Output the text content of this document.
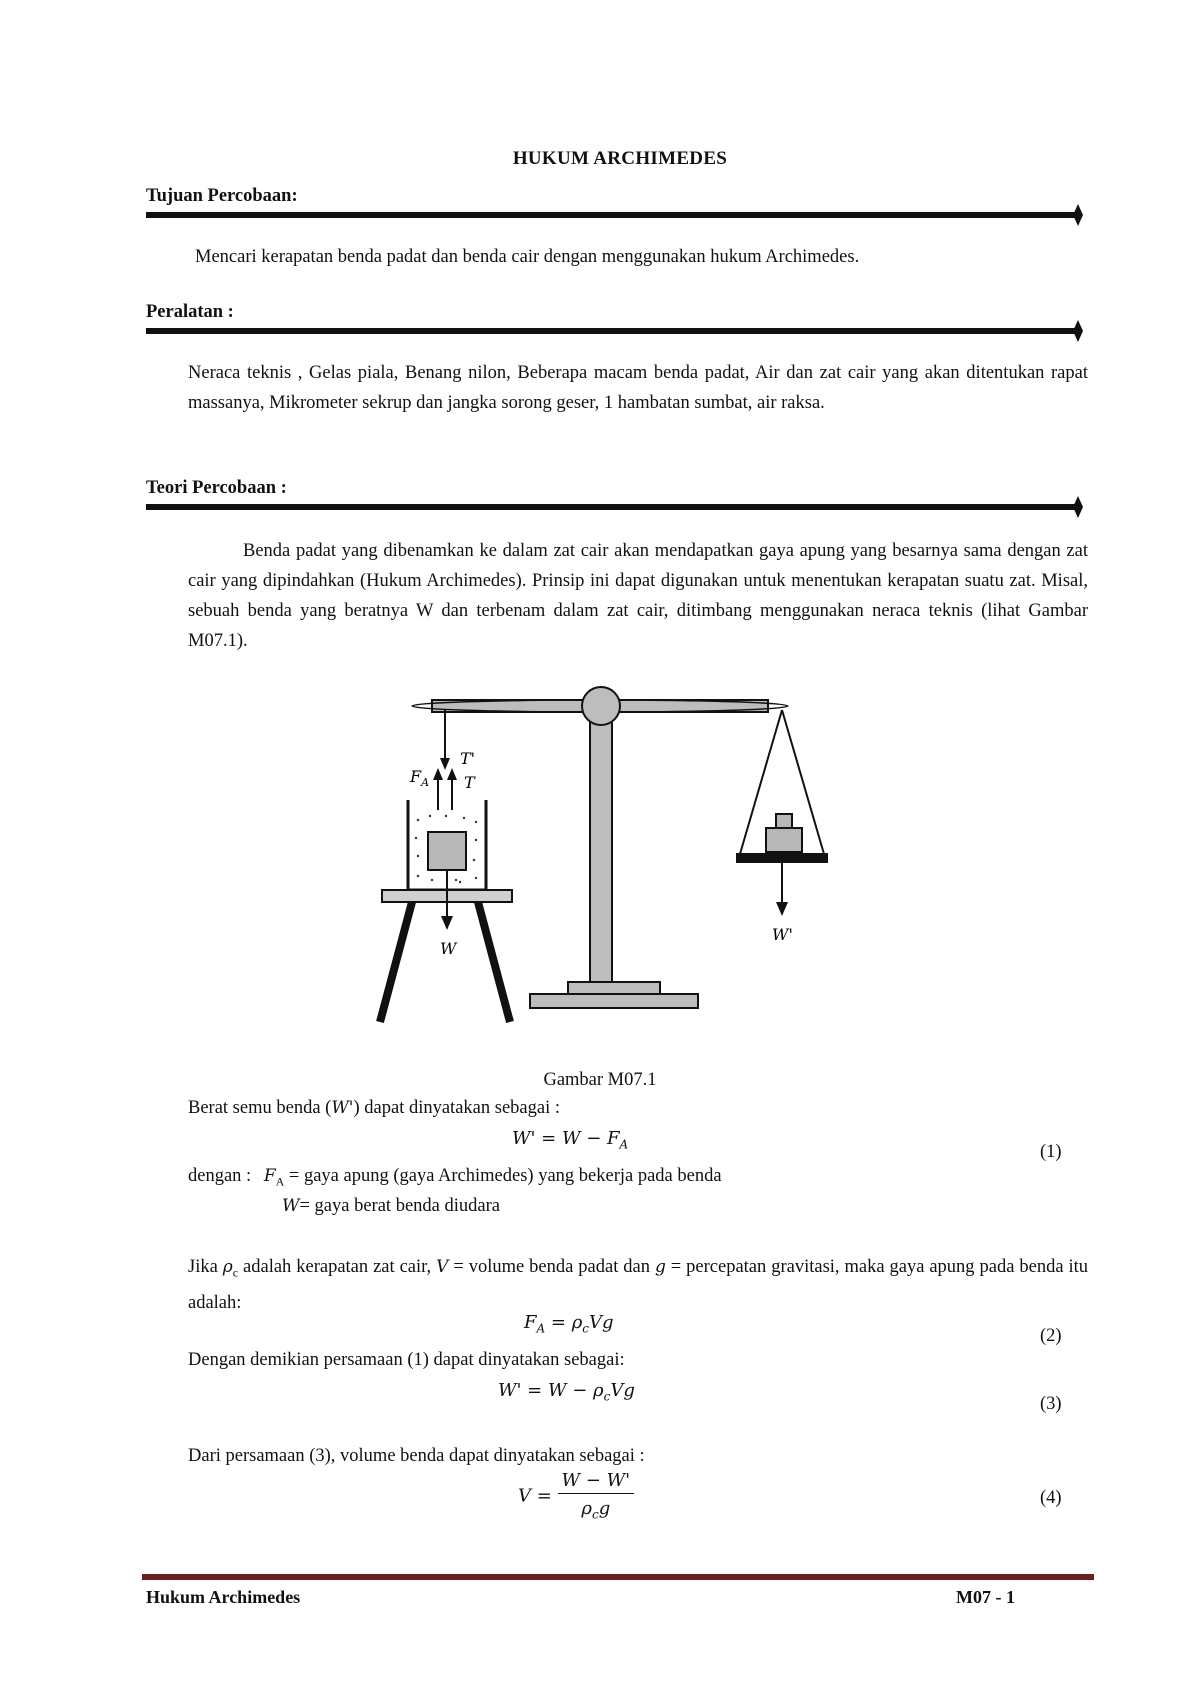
HUKUM ARCHIMEDES
Tujuan Percobaan:
Mencari kerapatan benda padat dan benda cair dengan menggunakan hukum Archimedes.
Peralatan :
Neraca teknis , Gelas piala, Benang nilon, Beberapa macam benda padat, Air dan zat cair yang akan ditentukan rapat massanya, Mikrometer sekrup dan jangka sorong geser, 1 hambatan sumbat, air raksa.
Teori Percobaan :
Benda padat yang dibenamkan ke dalam zat cair akan mendapatkan gaya apung yang besarnya sama dengan zat cair yang dipindahkan (Hukum Archimedes). Prinsip ini dapat digunakan untuk menentukan kerapatan suatu zat. Misal, sebuah benda yang beratnya W dan terbenam dalam zat cair, ditimbang menggunakan neraca teknis (lihat Gambar M07.1).
W'
$F_A$
T'
T
W
Gambar M07.1
Berat semu benda (W') dapat dinyatakan sebagai :
$W' = W - F_A$	(1)
dengan : $F_A$ = gaya apung (gaya Archimedes) yang bekerja pada benda
W= gaya berat benda diudara
Jika $\rho_c$ adalah kerapatan zat cair, V = volume benda padat dan g = percepatan gravitasi, maka gaya apung pada benda itu adalah:
$F_A = \rho_cVg$
(2)
Dengan demikian persamaan (1) dapat dinyatakan sebagai:
$W' = W - \rho_cVg$
(3)
Dari persamaan (3), volume benda dapat dinyatakan sebagai :
$V = \frac{W - W'}{\rho_cg}$	(4)
Hukum Archimedes	M07 - 1
